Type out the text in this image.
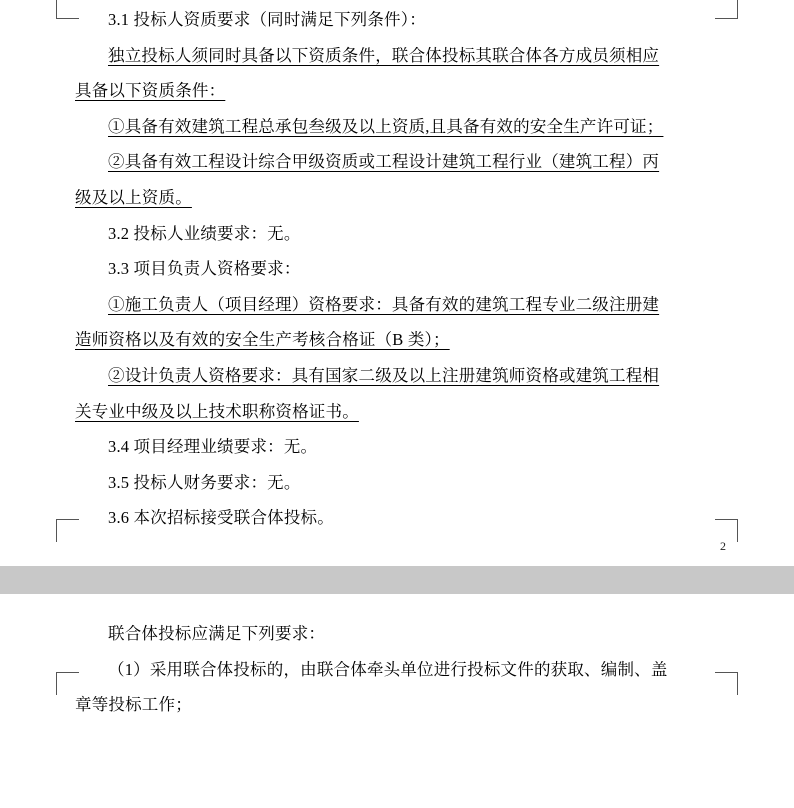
3.1 投标人资质要求（同时满足下列条件）：

独立投标人须同时具备以下资质条件，联合体投标其联合体各方成员须相应

具备以下资质条件：

①具备有效建筑工程总承包叁级及以上资质,且具备有效的安全生产许可证；

②具备有效工程设计综合甲级资质或工程设计建筑工程行业（建筑工程）丙

级及以上资质。

3.2 投标人业绩要求：无。

3.3 项目负责人资格要求：

①施工负责人（项目经理）资格要求：具备有效的建筑工程专业二级注册建

造师资格以及有效的安全生产考核合格证（B 类）；

②设计负责人资格要求：具有国家二级及以上注册建筑师资格或建筑工程相

关专业中级及以上技术职称资格证书。

3.4 项目经理业绩要求：无。

3.5 投标人财务要求：无。

3.6 本次招标接受联合体投标。

2

联合体投标应满足下列要求：

（1）采用联合体投标的，由联合体牵头单位进行投标文件的获取、编制、盖

章等投标工作；
